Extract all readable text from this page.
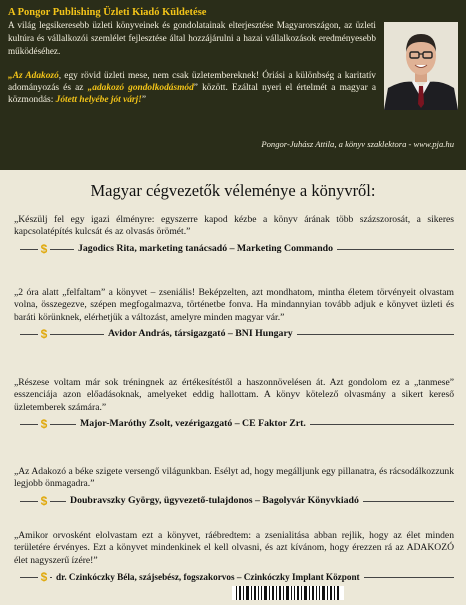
A Pongor Publishing Üzleti Kiadó Küldetése
A világ legsikeresebb üzleti könyveinek és gondolatainak elterjesztése Magyarországon, az üzleti kultúra és vállalkozói szemlélet fejlesztése által hozzájárulni a hazai vállalkozások eredményesebb működéséhez.
„Az Adakozó, egy rövid üzleti mese, nem csak üzletembereknek! Óriási a különbség a karitatív adományozás és az „adakozó gondolkodásmód” között. Ezáltal nyeri el értelmét a magyar a közmondás: Jótett helyébe jót várj!”
Pongor-Juhász Attila, a könyv szaklektora - www.pja.hu
Magyar cégvezetők véleménye a könyvről:
„Készülj fel egy igazi élményre: egyszerre kapod kézbe a könyv árának több százszorosát, a sikeres kapcsolatépítés kulcsát és az olvasás örömét.”
$	Jagodics Rita, marketing tanácsadó – Marketing Commando
„2 óra alatt „felfaltam” a könyvet – zseniális! Beképzelten, azt mondhatom, mintha életem törvényeit olvastam volna, összegezve, szépen megfogalmazva, történetbe fonva. Ha mindannyian tovább adjuk e könyvet üzleti és baráti körünknek, elérhetjük a változást, amelyre minden magyar vár.”
$	Avidor András, társigazgató – BNI Hungary
„Részese voltam már sok tréningnek az értékesítéstől a haszonnövelésen át. Azt gondolom ez a „tanmese” esszenciája azon előadásoknak, amelyeket eddig hallottam. A könyv kötelező olvasmány a sikert kereső üzletemberek számára.”
$	Major-Maróthy Zsolt, vezérigazgató – CE Faktor Zrt.
„Az Adakozó a béke szigete versengő világunkban. Esélyt ad, hogy megálljunk egy pillanatra, és rácsodálkozzunk legjobb önmagadra.”
$	Doubravszky György, ügyvezető-tulajdonos – Bagolyvár Könyvkiadó
„Amikor orvosként elolvastam ezt a könyvet, ráébredtem: a zsenialitása abban rejlik, hogy az élet minden területére érvényes. Ezt a könyvet mindenkinek el kell olvasni, és azt kívánom, hogy érezzen rá az ADAKOZÓ élet nagyszerű ízére!”
$ dr. Czinkóczky Béla, szájsebész, fogszakorvos – Czinkóczky Implant Központ
